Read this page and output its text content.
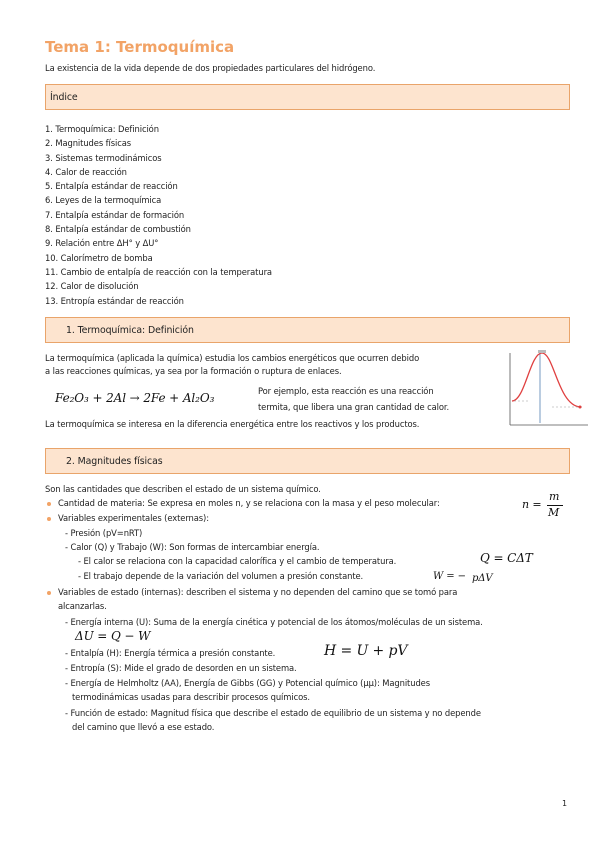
Tema 1: Termoquímica
La existencia de la vida depende de dos propiedades particulares del hidrógeno.
Índice
1. Termoquímica: Definición
2. Magnitudes físicas
3. Sistemas termodinámicos
4. Calor de reacción
5. Entalpía estándar de reacción
6. Leyes de la termoquímica
7. Entalpía estándar de formación
8. Entalpía estándar de combustión
9. Relación entre ΔH° y ΔU°
10. Calorímetro de bomba
11. Cambio de entalpía de reacción con la temperatura
12. Calor de disolución
13. Entropía estándar de reacción
1. Termoquímica: Definición
La termoquímica (aplicada la química) estudia los cambios energéticos que ocurren debido
a las reacciones químicas, ya sea por la formación o ruptura de enlaces.
Fe₂O₃ + 2Al → 2Fe + Al₂O₃	Por ejemplo, esta reacción es una reacción
termita, que libera una gran cantidad de calor.
La termoquímica se interesa en la diferencia energética entre los reactivos y los productos.
2. Magnitudes físicas
Son las cantidades que describen el estado de un sistema químico.
Cantidad de materia: Se expresa en moles n, y se relaciona con la masa y el peso molecular:	n =
m
M
Variables experimentales (externas):
- Presión (pV=nRT)
- Calor (Q) y Trabajo (W): Son formas de intercambiar energía.
- El calor se relaciona con la capacidad calorífica y el cambio de temperatura.	Q = CΔT
- El trabajo depende de la variación del volumen a presión constante.	W = − pΔV
Variables de estado (internas): describen el sistema y no dependen del camino que se tomó para
alcanzarlas.
- Energía interna (U): Suma de la energía cinética y potencial de los átomos/moléculas de un sistema.
ΔU = Q − W
- Entalpía (H): Energía térmica a presión constante.	H = U + pV
- Entropía (S): Mide el grado de desorden en un sistema.
- Energía de Helmholtz (AA), Energía de Gibbs (GG) y Potencial químico (μμ): Magnitudes
termodinámicas usadas para describir procesos químicos.
- Función de estado: Magnitud física que describe el estado de equilibrio de un sistema y no depende
del camino que llevó a ese estado.
1
